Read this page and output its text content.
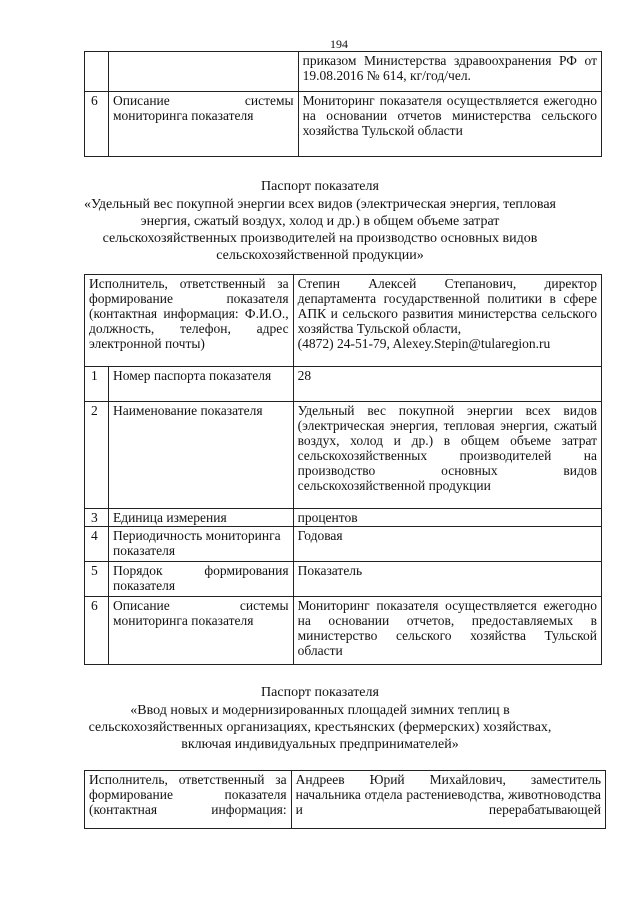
194
		приказом Министерства здравоохранения РФ от 19.08.2016 № 614, кг/год/чел.
6	Описание системы мониторинга показателя	Мониторинг показателя осуществляется ежегодно на основании отчетов министерства сельского хозяйства Тульской области
Паспорт показателя
«Удельный вес покупной энергии всех видов (электрическая энергия, тепловая энергия, сжатый воздух, холод и др.) в общем объеме затрат сельскохозяйственных производителей на производство основных видов сельскохозяйственной продукции»
Исполнитель, ответственный за формирование показателя (контактная информация: Ф.И.О., должность, телефон, адрес электронной почты)		Степин Алексей Степанович, директор департамента государственной политики в сфере АПК и сельского развития министерства сельского хозяйства Тульской области,
(4872) 24-51-79, Alexey.Stepin@tularegion.ru

1	Номер паспорта показателя	28
2	Наименование показателя	Удельный вес покупной энергии всех видов (электрическая энергия, тепловая энергия, сжатый воздух, холод и др.) в общем объеме затрат сельскохозяйственных производителей на производство основных видов сельскохозяйственной продукции
3	Единица измерения	процентов
4	Периодичность мониторинга показателя	Годовая
5	Порядок формирования показателя	Показатель
6	Описание системы мониторинга показателя	Мониторинг показателя осуществляется ежегодно на основании отчетов, предоставляемых в министерство сельского хозяйства Тульской области
Паспорт показателя
«Ввод новых и модернизированных площадей зимних теплиц в сельскохозяйственных организациях, крестьянских (фермерских) хозяйствах, включая индивидуальных предпринимателей»
Исполнитель, ответственный за формирование показателя (контактная информация:	Андреев Юрий Михайлович, заместитель начальника отдела растениеводства, животноводства и перерабатывающей
